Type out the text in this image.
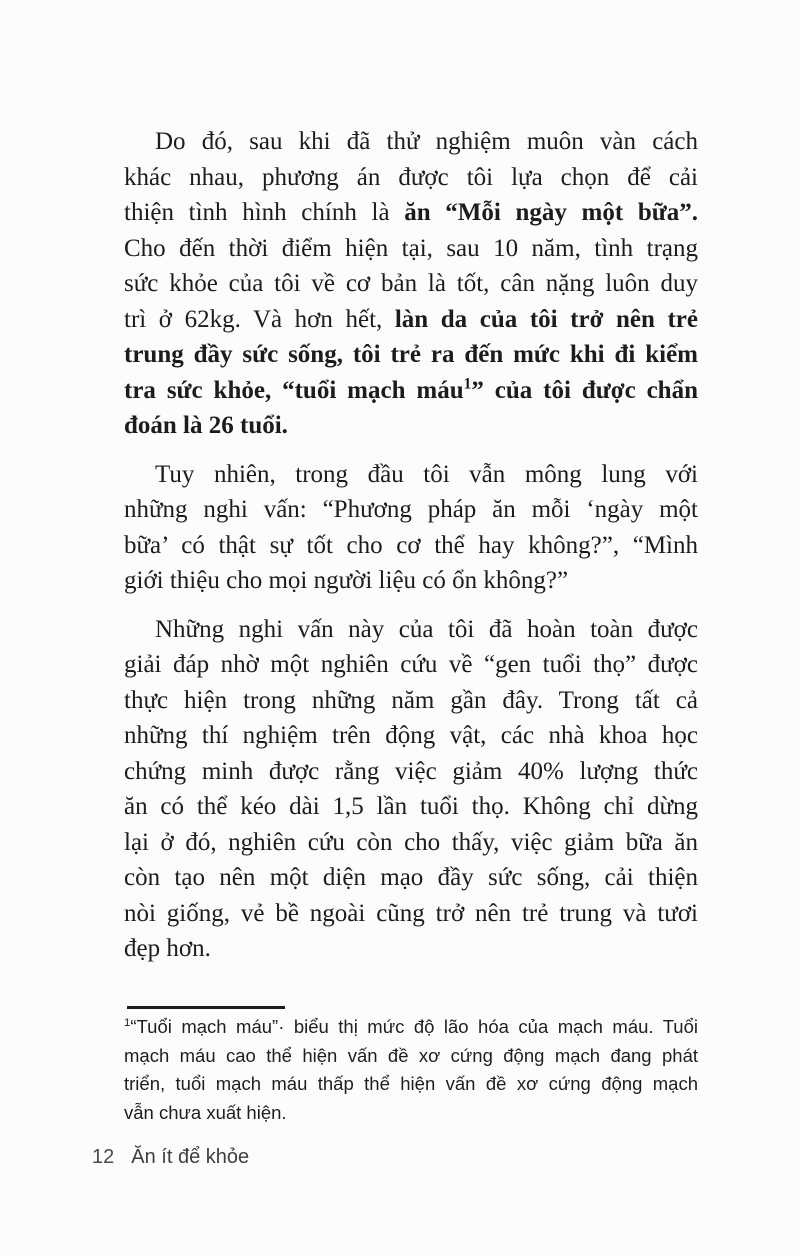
Do đó, sau khi đã thử nghiệm muôn vàn cách
khác nhau, phương án được tôi lựa chọn để cải
thiện tình hình chính là ăn “Mỗi ngày một bữa”.
Cho đến thời điểm hiện tại, sau 10 năm, tình trạng
sức khỏe của tôi về cơ bản là tốt, cân nặng luôn duy
trì ở 62kg. Và hơn hết, làn da của tôi trở nên trẻ
trung đầy sức sống, tôi trẻ ra đến mức khi đi kiểm
tra sức khỏe, “tuổi mạch máu$^1$” của tôi được chẩn
đoán là 26 tuổi.
Tuy nhiên, trong đầu tôi vẫn mông lung với
những nghi vấn: “Phương pháp ăn mỗi ‘ngày một
bữa’ có thật sự tốt cho cơ thể hay không?”, “Mình
giới thiệu cho mọi người liệu có ổn không?”
Những nghi vấn này của tôi đã hoàn toàn được
giải đáp nhờ một nghiên cứu về “gen tuổi thọ” được
thực hiện trong những năm gần đây. Trong tất cả
những thí nghiệm trên động vật, các nhà khoa học
chứng minh được rằng việc giảm 40% lượng thức
ăn có thể kéo dài 1,5 lần tuổi thọ. Không chỉ dừng
lại ở đó, nghiên cứu còn cho thấy, việc giảm bữa ăn
còn tạo nên một diện mạo đầy sức sống, cải thiện
nòi giống, vẻ bề ngoài cũng trở nên trẻ trung và tươi
đẹp hơn.
$^1$“Tuổi mạch máu”· biểu thị mức độ lão hóa của mạch máu. Tuổi
mạch máu cao thể hiện vấn đề xơ cứng động mạch đang phát
triển, tuổi mạch máu thấp thể hiện vấn đề xơ cứng động mạch
vẫn chưa xuất hiện.
12 Ăn ít để khỏe
